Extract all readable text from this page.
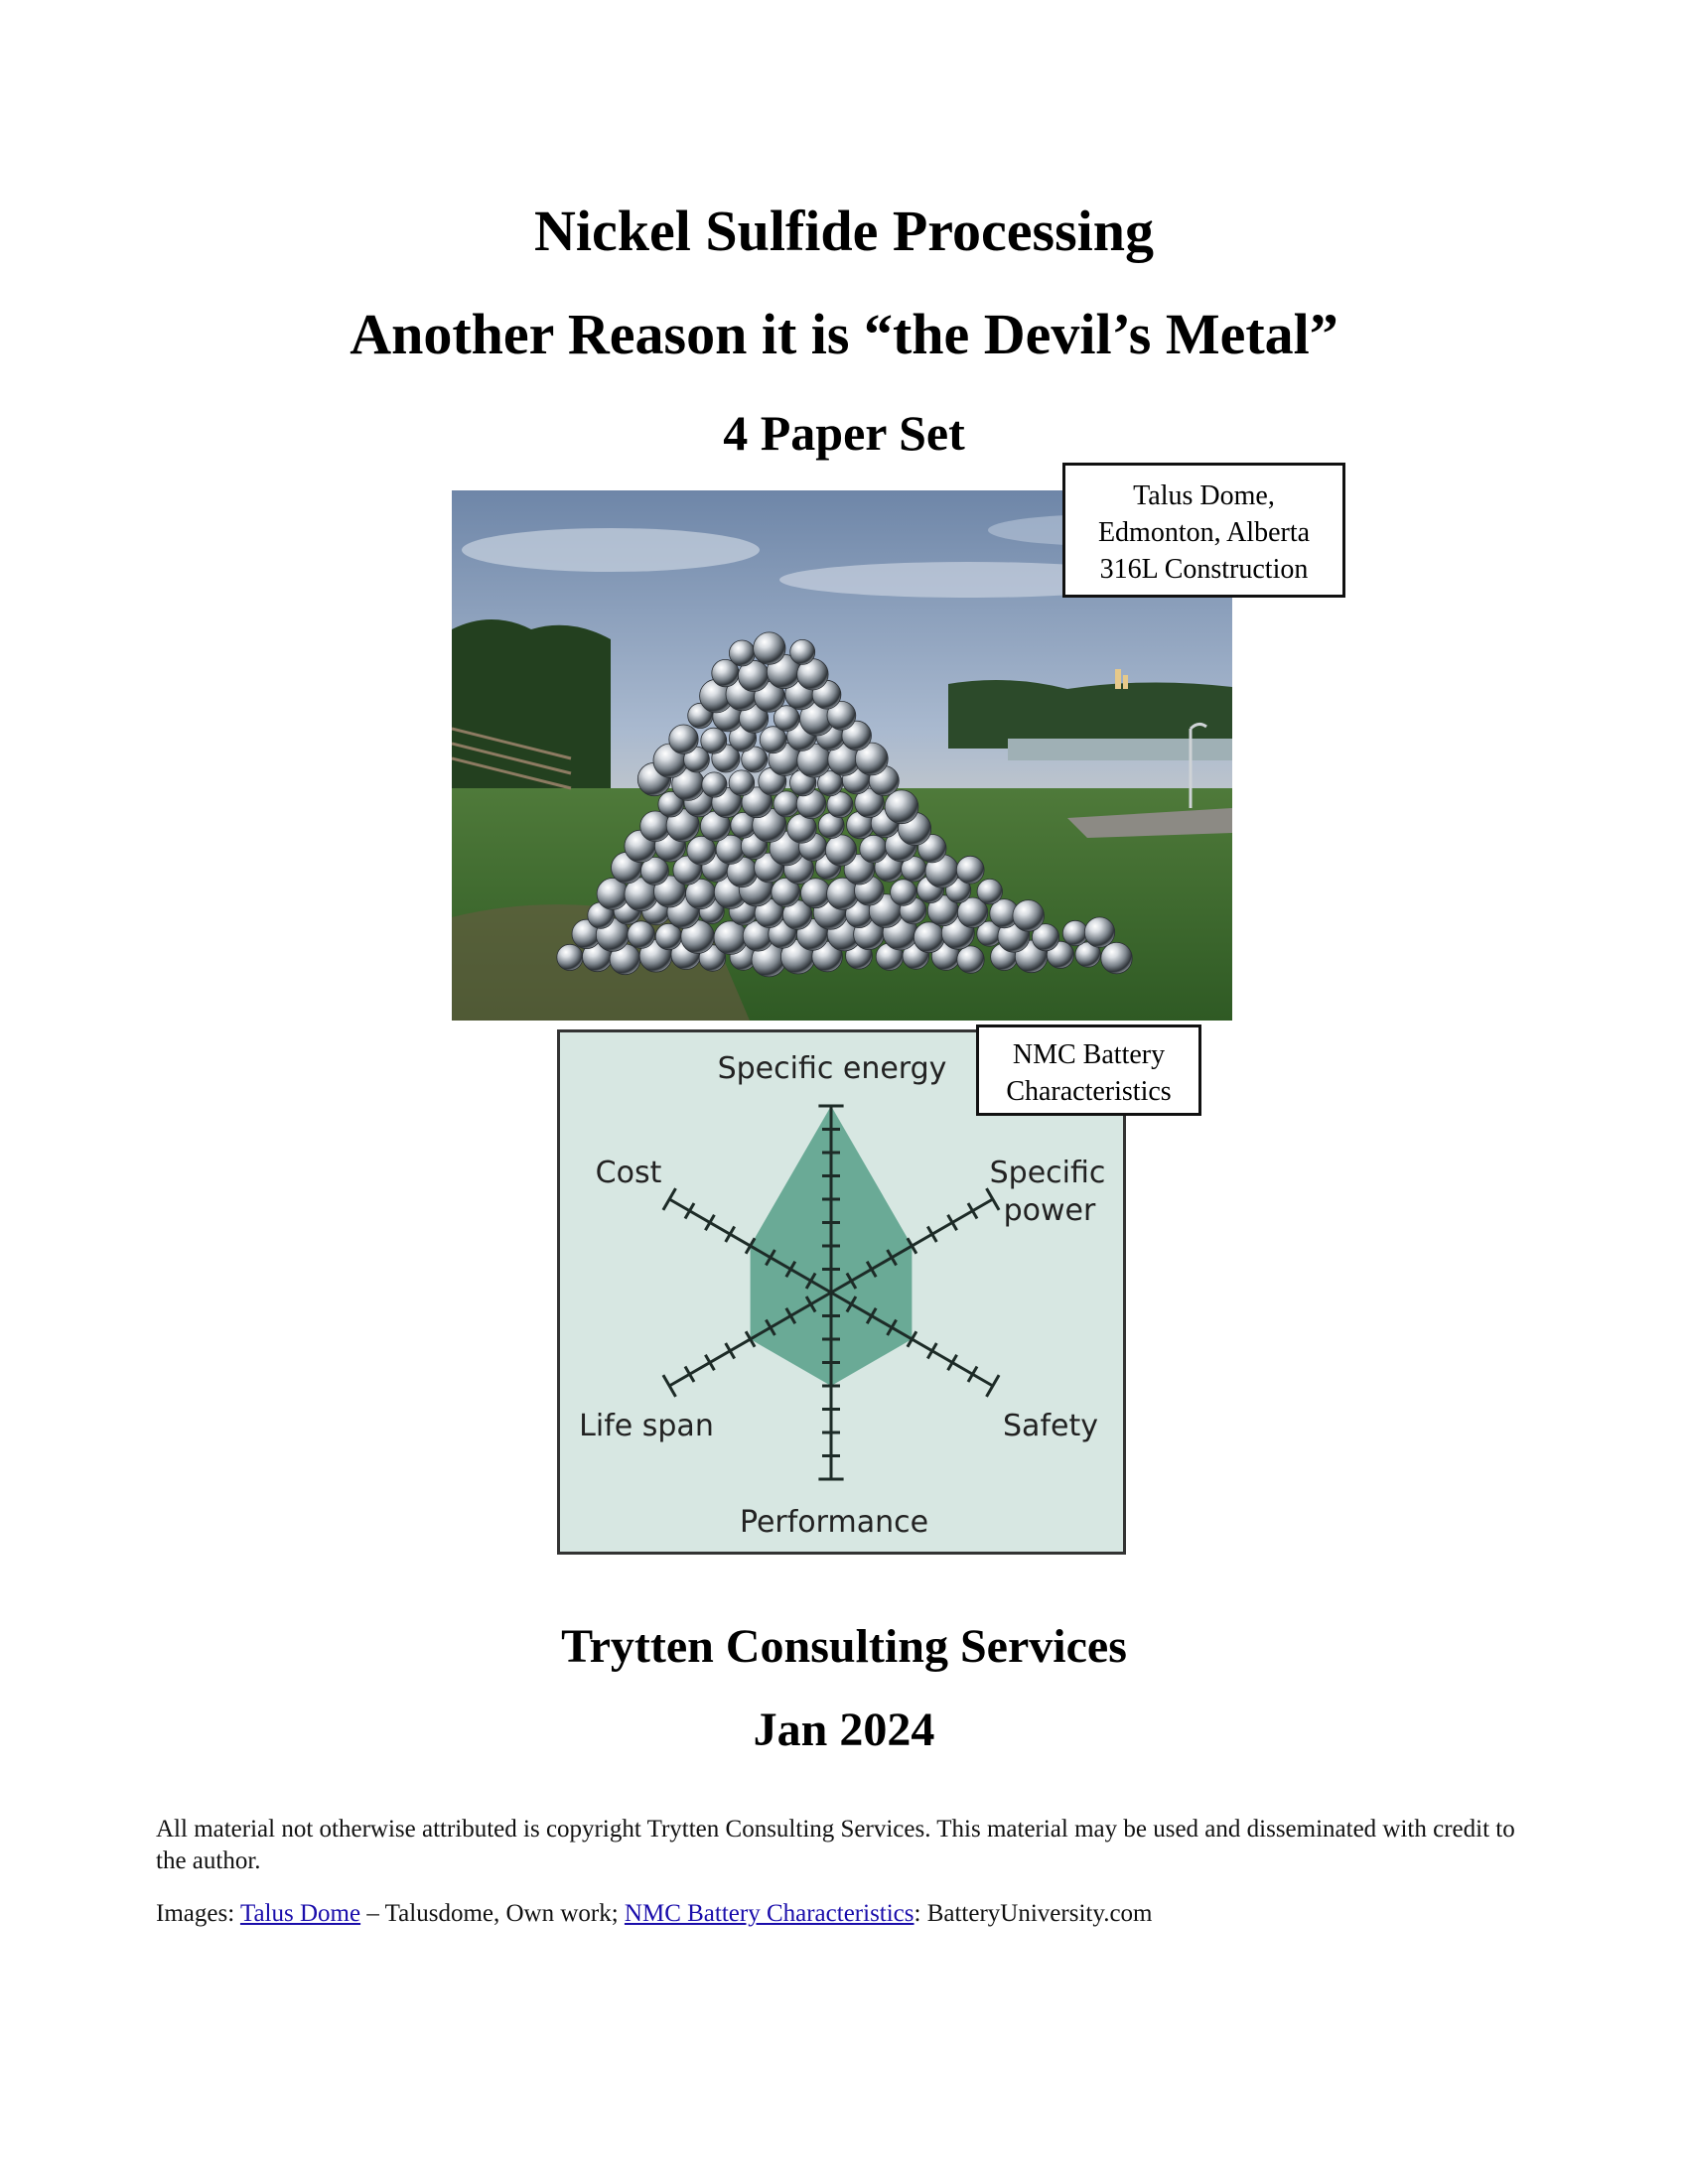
Nickel Sulfide Processing
Another Reason it is “the Devil’s Metal”
4 Paper Set
Talus Dome,
Edmonton, Alberta
316L Construction
Specific energy
Cost	Specific
power
Life span	Safety
Performance
NMC Battery
Characteristics
Trytten Consulting Services
Jan 2024
All material not otherwise attributed is copyright Trytten Consulting Services. This material may be used and disseminated with credit to the author.
Images: Talus Dome – Talusdome, Own work; NMC Battery Characteristics: BatteryUniversity.com
